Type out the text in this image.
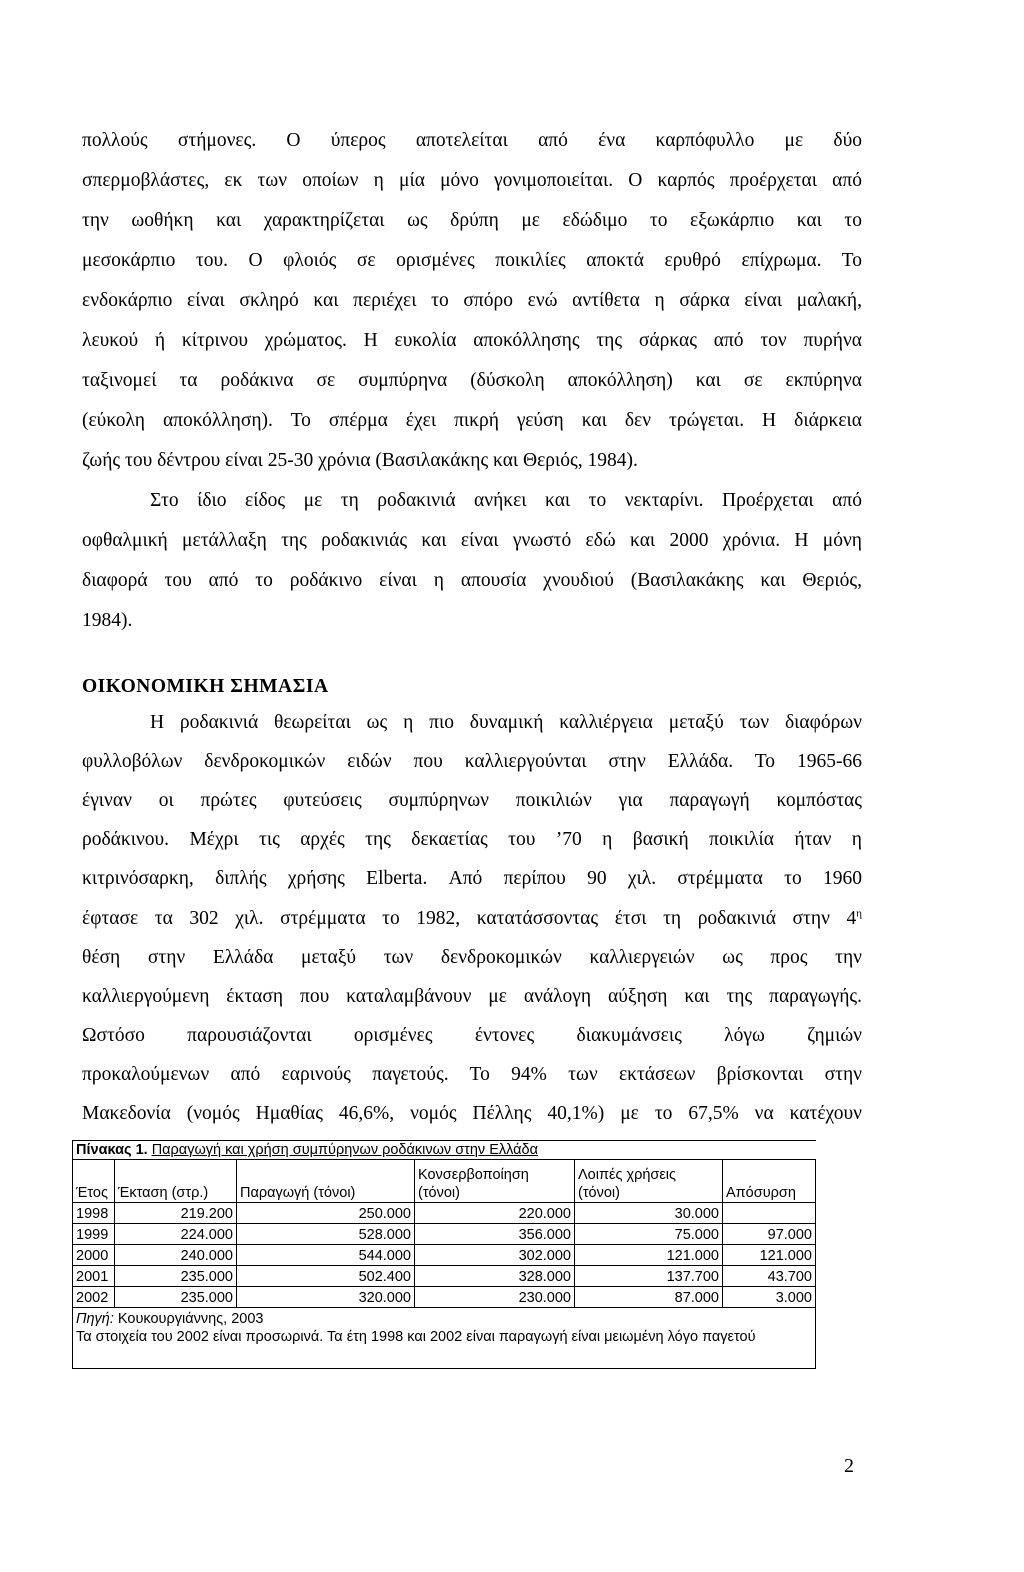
πολλούς στήμονες. Ο ύπερος αποτελείται από ένα καρπόφυλλο με δύο
σπερμοβλάστες, εκ των οποίων η μία μόνο γονιμοποιείται. Ο καρπός προέρχεται από
την ωοθήκη και χαρακτηρίζεται ως δρύπη με εδώδιμο το εξωκάρπιο και το
μεσοκάρπιο του. Ο φλοιός σε ορισμένες ποικιλίες αποκτά ερυθρό επίχρωμα. Το
ενδοκάρπιο είναι σκληρό και περιέχει το σπόρο ενώ αντίθετα η σάρκα είναι μαλακή,
λευκού ή κίτρινου χρώματος. Η ευκολία αποκόλλησης της σάρκας από τον πυρήνα
ταξινομεί τα ροδάκινα σε συμπύρηνα (δύσκολη αποκόλληση) και σε εκπύρηνα
(εύκολη αποκόλληση). Το σπέρμα έχει πικρή γεύση και δεν τρώγεται. Η διάρκεια
ζωής του δέντρου είναι 25-30 χρόνια (Βασιλακάκης και Θεριός, 1984).
Στο ίδιο είδος με τη ροδακινιά ανήκει και το νεκταρίνι. Προέρχεται από
οφθαλμική μετάλλαξη της ροδακινιάς και είναι γνωστό εδώ και 2000 χρόνια. Η μόνη
διαφορά του από το ροδάκινο είναι η απουσία χνουδιού (Βασιλακάκης και Θεριός,
1984).
ΟΙΚΟΝΟΜΙΚΗ ΣΗΜΑΣΙΑ
Η ροδακινιά θεωρείται ως η πιο δυναμική καλλιέργεια μεταξύ των διαφόρων
φυλλοβόλων δενδροκομικών ειδών που καλλιεργούνται στην Ελλάδα. Το 1965-66
έγιναν οι πρώτες φυτεύσεις συμπύρηνων ποικιλιών για παραγωγή κομπόστας
ροδάκινου. Μέχρι τις αρχές της δεκαετίας του ’70 η βασική ποικιλία ήταν η
κιτρινόσαρκη, διπλής χρήσης Elberta. Από περίπου 90 χιλ. στρέμματα το 1960
έφτασε τα 302 χιλ. στρέμματα το 1982, κατατάσσοντας έτσι τη ροδακινιά στην $4^\eta$
θέση στην Ελλάδα μεταξύ των δενδροκομικών καλλιεργειών ως προς την
καλλιεργούμενη έκταση που καταλαμβάνουν με ανάλογη αύξηση και της παραγωγής.
Ωστόσο παρουσιάζονται ορισμένες έντονες διακυμάνσεις λόγω ζημιών
προκαλούμενων από εαρινούς παγετούς. Το 94% των εκτάσεων βρίσκονται στην
Μακεδονία (νομός Ημαθίας 46,6%, νομός Πέλλης 40,1%) με το 67,5% να κατέχουν
Πίνακας 1. Παραγωγή και χρήση συμπύρηνων ροδάκινων στην Ελλάδα					
Έτος	Έκταση (στρ.)	Παραγωγή (τόνοι)	Κονσερβοποίηση (τόνοι)	Λοιπές χρήσεις (τόνοι)	Απόσυρση
1998	219.200	250.000	220.000	30.000	
1999	224.000	528.000	356.000	75.000	97.000
2000	240.000	544.000	302.000	121.000	121.000
2001	235.000	502.400	328.000	137.700	43.700
2002	235.000	320.000	230.000	87.000	3.000
Πηγή: Κουκουργιάννης, 2003					
Τα στοιχεία του 2002 είναι προσωρινά. Τα έτη 1998 και 2002 είναι παραγωγή είναι μειωμένη λόγο παγετού					
2
